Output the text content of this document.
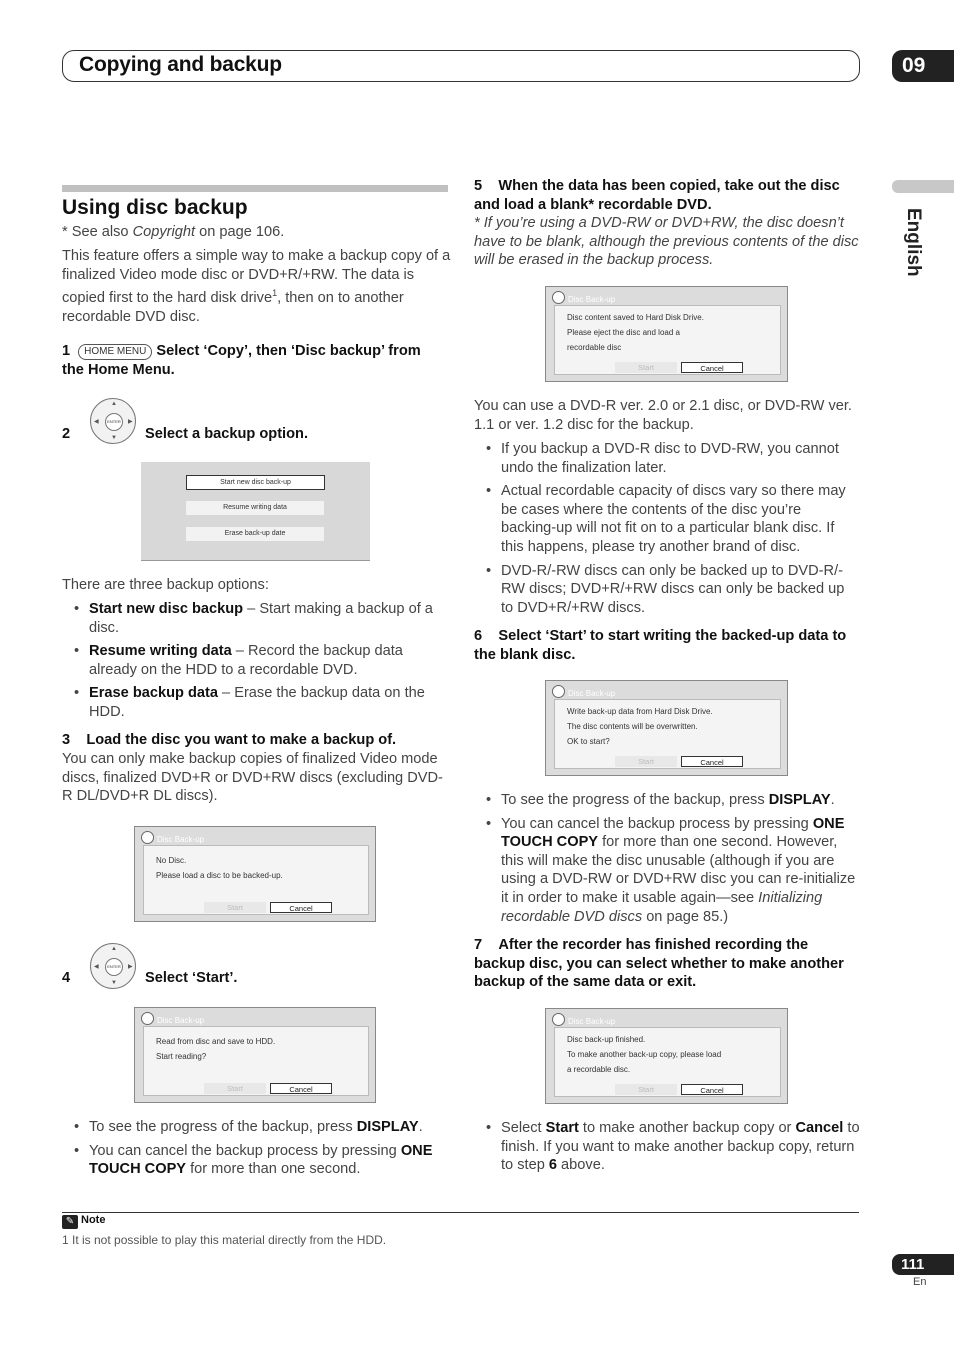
Copying and backup	09
English
Using disc backup
* See also Copyright on page 106.
This feature offers a simple way to make a backup copy of a finalized Video mode disc or DVD+R/+RW. The data is copied first to the hard disk drive$^1$, then on to another recordable DVD disc.
1 HOME MENU Select ‘Copy’, then ‘Disc backup’ from
the Home Menu.
▲
▼
◀	▶
ENTER
2	Select a backup option.
Start new disc back-up
Resume writing data
Erase back-up date
There are three backup options:
• Start new disc backup – Start making a backup of a disc.
• Resume writing data – Record the backup data already on the HDD to a recordable DVD.
• Erase backup data – Erase the backup data on the HDD.
3 Load the disc you want to make a backup of.
You can only make backup copies of finalized Video mode discs, finalized DVD+R or DVD+RW discs (excluding DVD-R DL/DVD+R DL discs).
Disc Back-up
No Disc.
Please load a disc to be backed-up.
Start	Cancel
▲
▼
◀	▶
ENTER
4	Select ‘Start’.
Disc Back-up
Read from disc and save to HDD.
Start reading?
Start	Cancel
• To see the progress of the backup, press DISPLAY.
• You can cancel the backup process by pressing ONE TOUCH COPY for more than one second.
5 When the data has been copied, take out the disc and load a blank* recordable DVD.
* If you’re using a DVD-RW or DVD+RW, the disc doesn’t have to be blank, although the previous contents of the disc will be erased in the backup process.
Disc Back-up
Disc content saved to Hard Disk Drive.
Please eject the disc and load a
recordable disc
Start	Cancel
You can use a DVD-R ver. 2.0 or 2.1 disc, or DVD-RW ver. 1.1 or ver. 1.2 disc for the backup.
• If you backup a DVD-R disc to DVD-RW, you cannot undo the finalization later.
• Actual recordable capacity of discs vary so there may be cases where the contents of the disc you’re backing-up will not fit on to a particular blank disc. If this happens, please try another brand of disc.
• DVD-R/-RW discs can only be backed up to DVD-R/-RW discs; DVD+R/+RW discs can only be backed up to DVD+R/+RW discs.
6 Select ‘Start’ to start writing the backed-up data to the blank disc.
Disc Back-up
Write back-up data from Hard Disk Drive.
The disc contents will be overwritten.
OK to start?
Start	Cancel
• To see the progress of the backup, press DISPLAY.
• You can cancel the backup process by pressing ONE TOUCH COPY for more than one second. However, this will make the disc unusable (although if you are using a DVD-RW or DVD+RW disc you can re-initialize it in order to make it usable again—see Initializing recordable DVD discs on page 85.)
7 After the recorder has finished recording the backup disc, you can select whether to make another backup of the same data or exit.
Disc Back-up
Disc back-up finished.
To make another back-up copy, please load
a recordable disc.
Start	Cancel
• Select Start to make another backup copy or Cancel to finish. If you want to make another backup copy, return to step 6 above.
✎ Note
1 It is not possible to play this material directly from the HDD.
111
En
